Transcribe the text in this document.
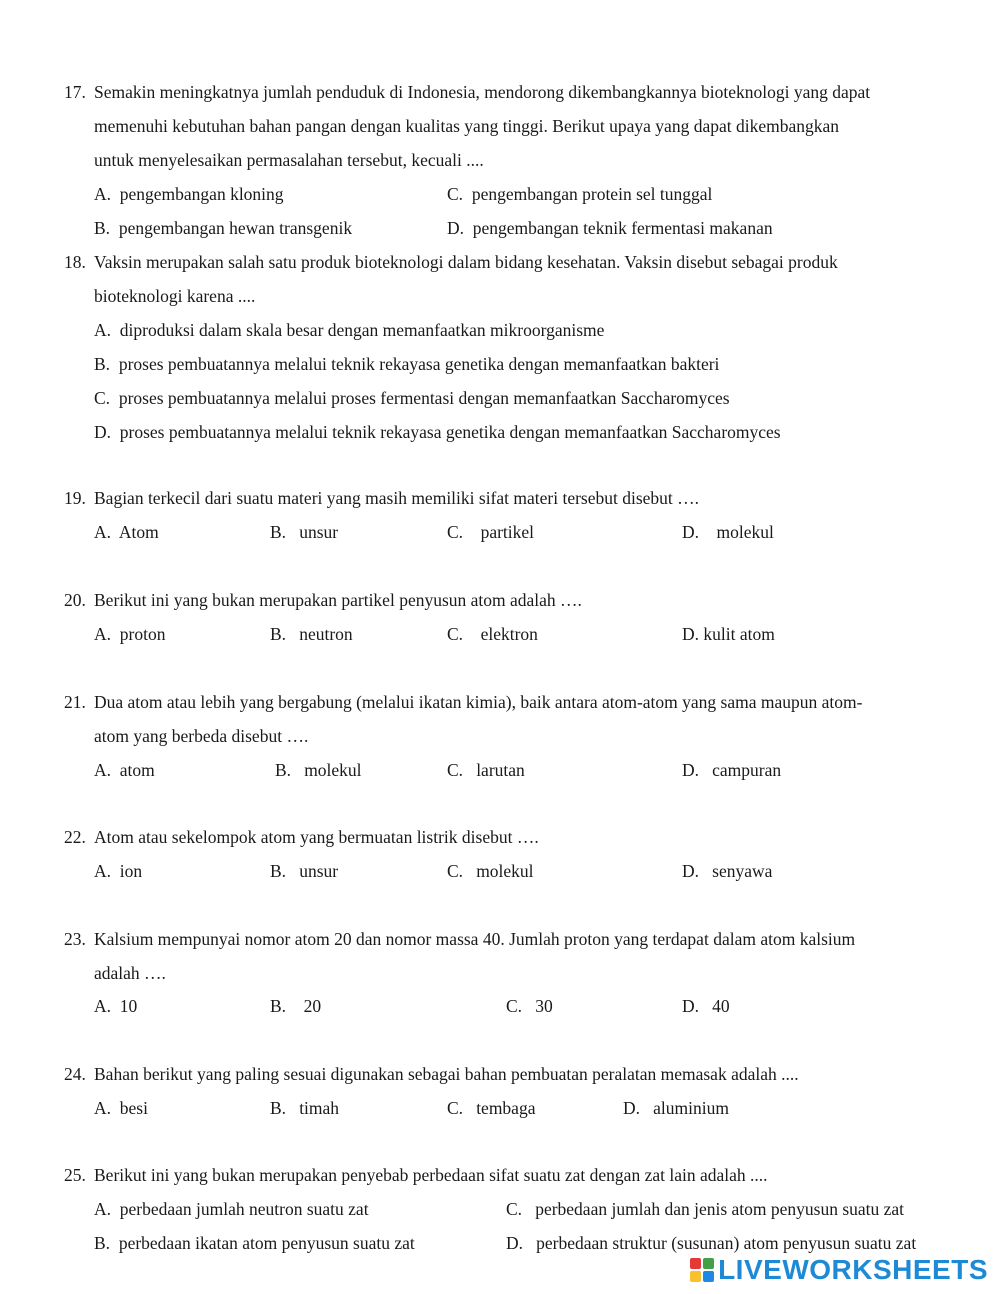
17. Semakin meningkatnya jumlah penduduk di Indonesia, mendorong dikembangkannya bioteknologi yang dapat
memenuhi kebutuhan bahan pangan dengan kualitas yang tinggi. Berikut upaya yang dapat dikembangkan
untuk menyelesaikan permasalahan tersebut, kecuali ....
A. pengembangan kloning	C. pengembangan protein sel tunggal
B. pengembangan hewan transgenik	D. pengembangan teknik fermentasi makanan
18. Vaksin merupakan salah satu produk bioteknologi dalam bidang kesehatan. Vaksin disebut sebagai produk
bioteknologi karena ....
A. diproduksi dalam skala besar dengan memanfaatkan mikroorganisme
B. proses pembuatannya melalui teknik rekayasa genetika dengan memanfaatkan bakteri
C. proses pembuatannya melalui proses fermentasi dengan memanfaatkan Saccharomyces
D. proses pembuatannya melalui teknik rekayasa genetika dengan memanfaatkan Saccharomyces
19. Bagian terkecil dari suatu materi yang masih memiliki sifat materi tersebut disebut ….
A. Atom	B. unsur	C. partikel	D. molekul
20. Berikut ini yang bukan merupakan partikel penyusun atom adalah ….
A. proton	B. neutron	C. elektron	D. kulit atom
21. Dua atom atau lebih yang bergabung (melalui ikatan kimia), baik antara atom-atom yang sama maupun atom-
atom yang berbeda disebut ….
A. atom	B. molekul	C. larutan	D. campuran
22. Atom atau sekelompok atom yang bermuatan listrik disebut ….
A. ion	B. unsur	C. molekul	D. senyawa
23. Kalsium mempunyai nomor atom 20 dan nomor massa 40. Jumlah proton yang terdapat dalam atom kalsium
adalah ….
A. 10	B. 20	C. 30	D. 40
24. Bahan berikut yang paling sesuai digunakan sebagai bahan pembuatan peralatan memasak adalah ....
A. besi	B. timah	C. tembaga	D. aluminium
25. Berikut ini yang bukan merupakan penyebab perbedaan sifat suatu zat dengan zat lain adalah ....
A. perbedaan jumlah neutron suatu zat	C. perbedaan jumlah dan jenis atom penyusun suatu zat
B. perbedaan ikatan atom penyusun suatu zat	D. perbedaan struktur (susunan) atom penyusun suatu zat
LIVEWORKSHEETS
